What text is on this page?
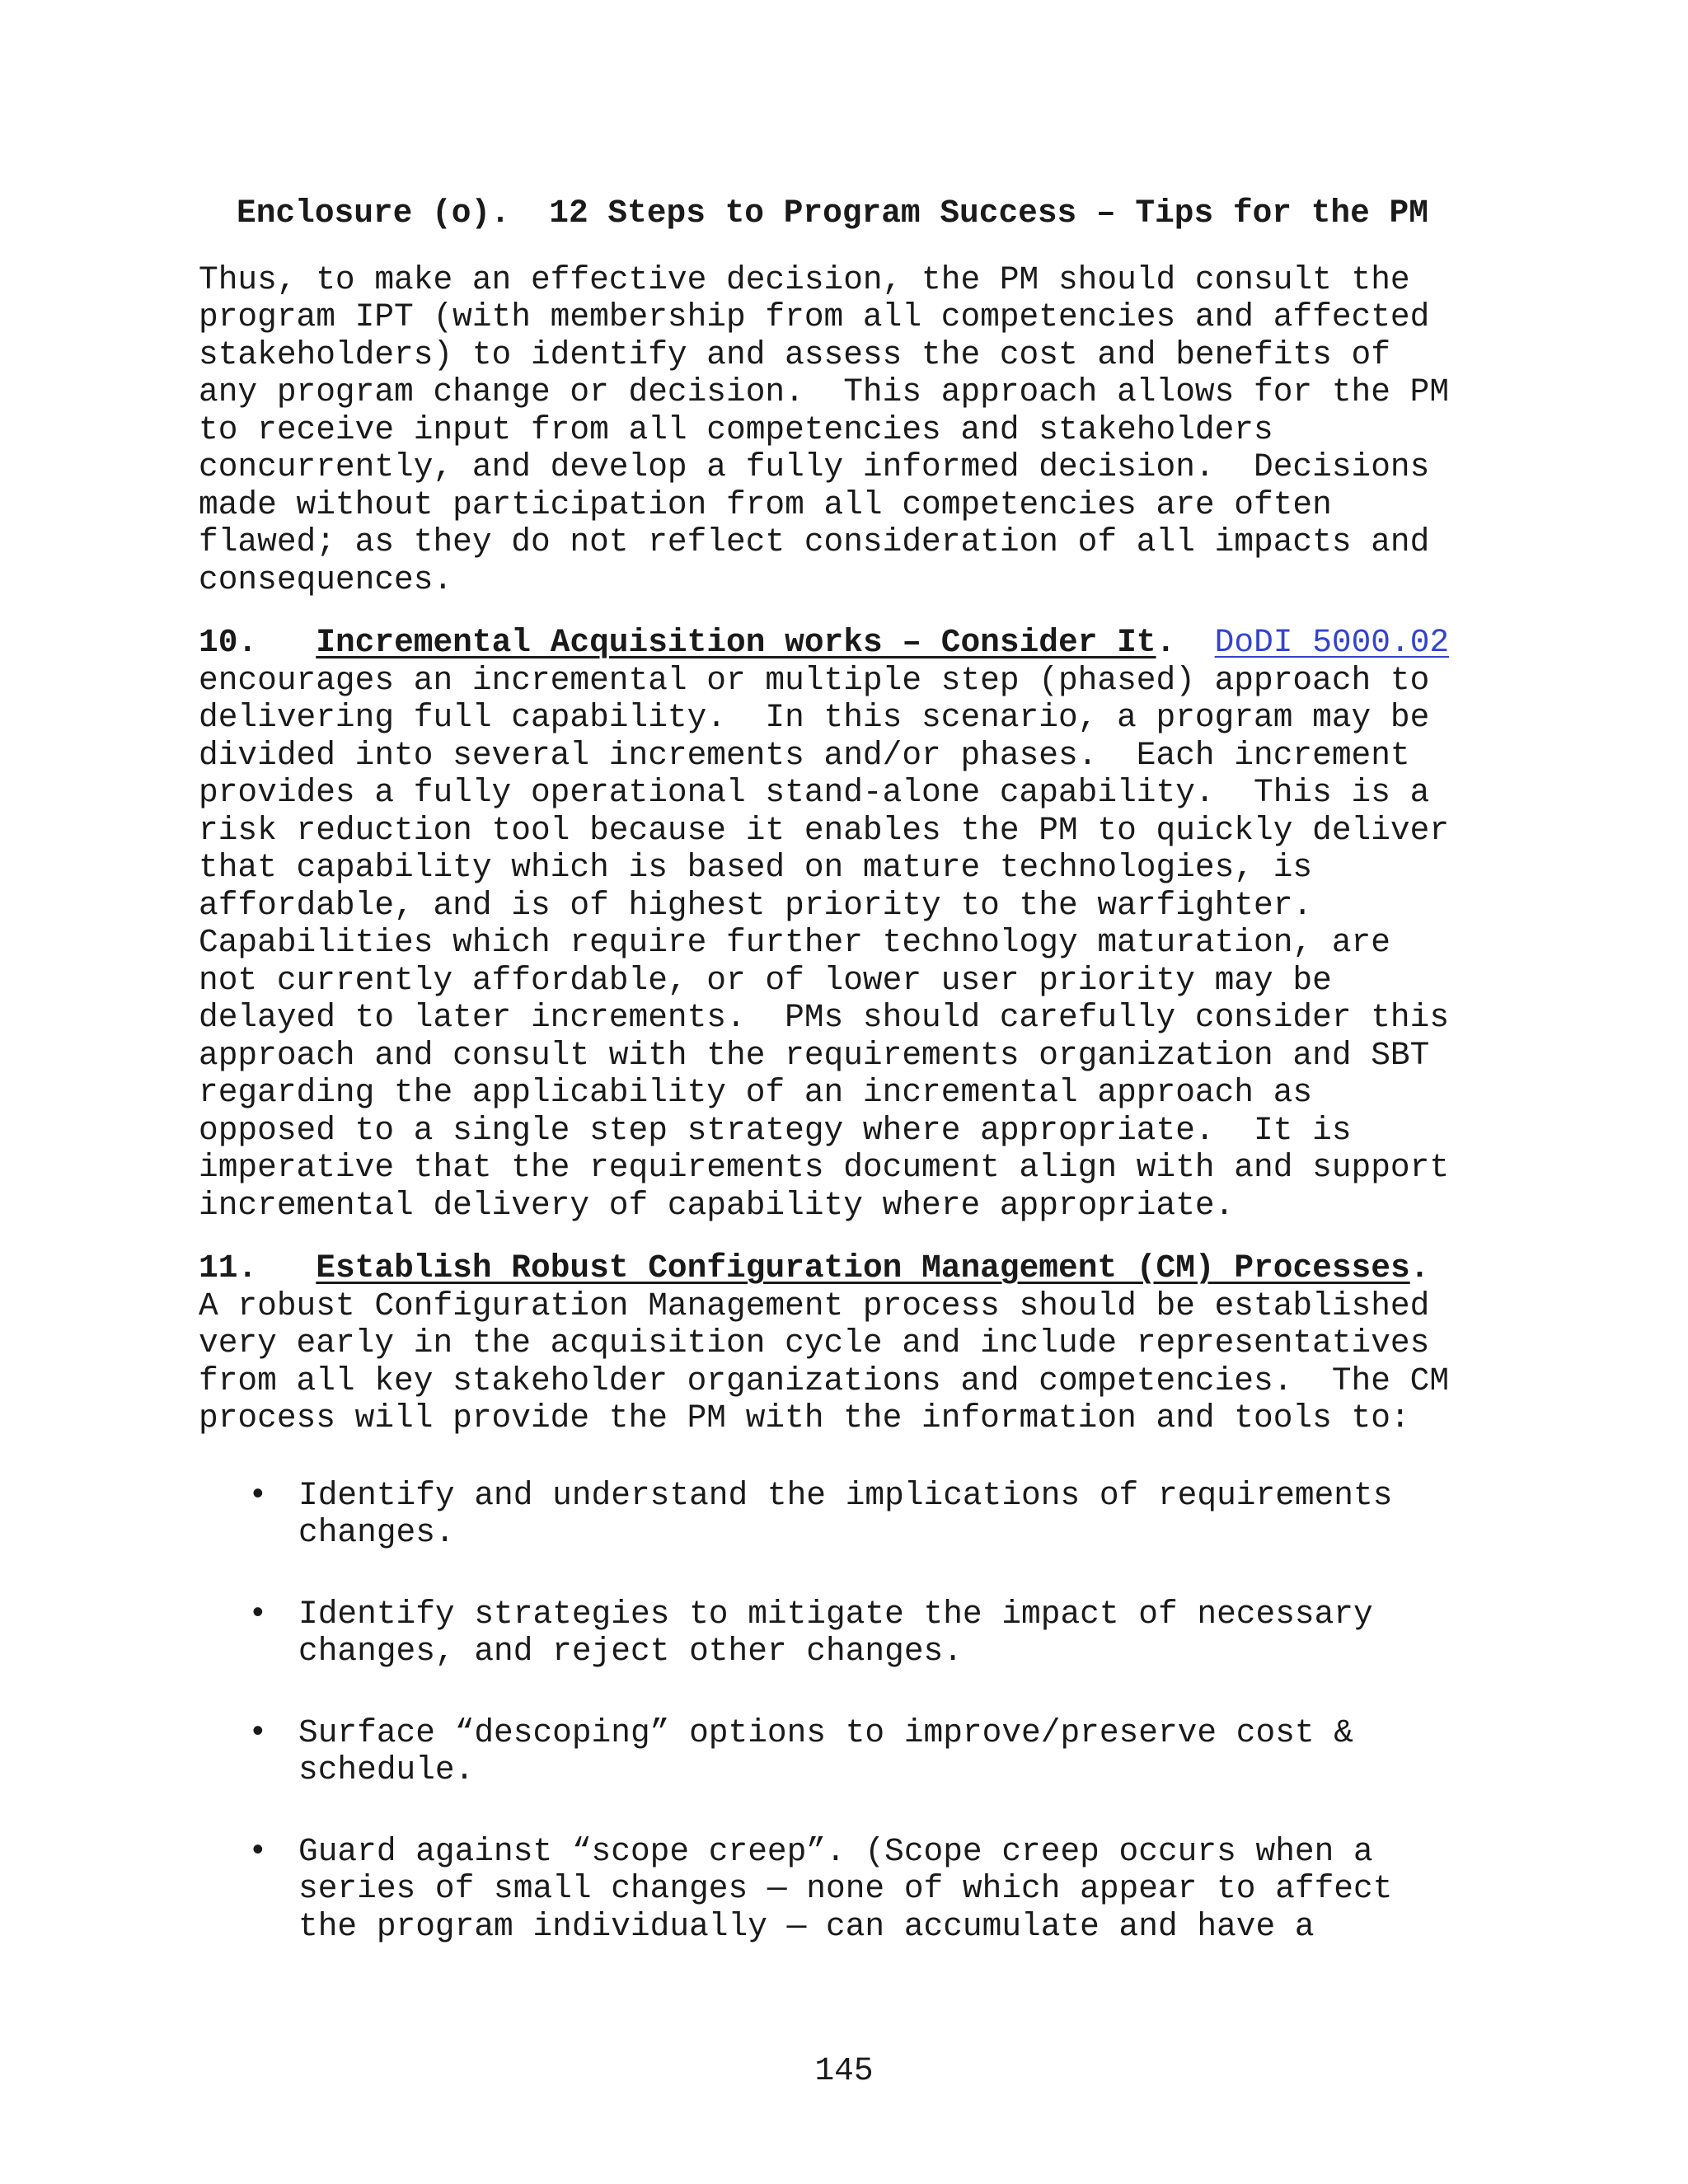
Enclosure (o).  12 Steps to Program Success – Tips for the PM
Thus, to make an effective decision, the PM should consult the
program IPT (with membership from all competencies and affected
stakeholders) to identify and assess the cost and benefits of
any program change or decision.  This approach allows for the PM
to receive input from all competencies and stakeholders
concurrently, and develop a fully informed decision.  Decisions
made without participation from all competencies are often
flawed; as they do not reflect consideration of all impacts and
consequences.
10. Incremental Acquisition works – Consider It. DoDI 5000.02
encourages an incremental or multiple step (phased) approach to
delivering full capability.  In this scenario, a program may be
divided into several increments and/or phases.  Each increment
provides a fully operational stand-alone capability.  This is a
risk reduction tool because it enables the PM to quickly deliver
that capability which is based on mature technologies, is
affordable, and is of highest priority to the warfighter.
Capabilities which require further technology maturation, are
not currently affordable, or of lower user priority may be
delayed to later increments.  PMs should carefully consider this
approach and consult with the requirements organization and SBT
regarding the applicability of an incremental approach as
opposed to a single step strategy where appropriate.  It is
imperative that the requirements document align with and support
incremental delivery of capability where appropriate.
11. Establish Robust Configuration Management (CM) Processes.
A robust Configuration Management process should be established
very early in the acquisition cycle and include representatives
from all key stakeholder organizations and competencies.  The CM
process will provide the PM with the information and tools to:
• Identify and understand the implications of requirements
changes.
• Identify strategies to mitigate the impact of necessary
changes, and reject other changes.
• Surface “descoping” options to improve/preserve cost &
schedule.
• Guard against “scope creep”. (Scope creep occurs when a
series of small changes — none of which appear to affect
the program individually — can accumulate and have a
145
